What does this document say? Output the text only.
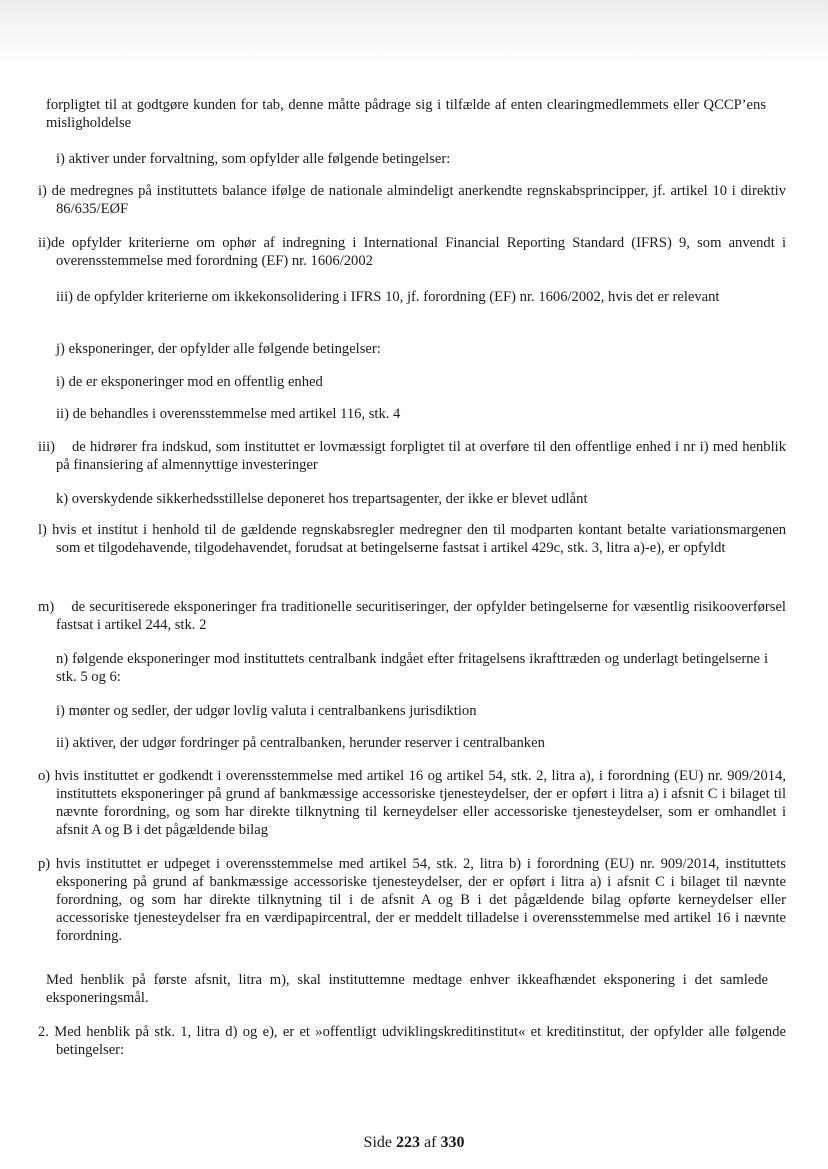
forpligtet til at godtgøre kunden for tab, denne måtte pådrage sig i tilfælde af enten clearingmedlemmets eller QCCP’ens misligholdelse

i) aktiver under forvaltning, som opfylder alle følgende betingelser:

i) de medregnes på instituttets balance ifølge de nationale almindeligt anerkendte regnskabsprincipper, jf. artikel 10 i direktiv 86/635/EØF

ii)de opfylder kriterierne om ophør af indregning i International Financial Reporting Standard (IFRS) 9, som anvendt i overensstemmelse med forordning (EF) nr. 1606/2002

iii) de opfylder kriterierne om ikkekonsolidering i IFRS 10, jf. forordning (EF) nr. 1606/2002, hvis det er relevant

j) eksponeringer, der opfylder alle følgende betingelser:

i) de er eksponeringer mod en offentlig enhed

ii) de behandles i overensstemmelse med artikel 116, stk. 4

iii)    de hidrører fra indskud, som instituttet er lovmæssigt forpligtet til at overføre til den offentlige enhed i nr i) med henblik på finansiering af almennyttige investeringer

k) overskydende sikkerhedsstillelse deponeret hos trepartsagenter, der ikke er blevet udlånt

l) hvis et institut i henhold til de gældende regnskabsregler medregner den til modparten kontant betalte variationsmargenen som et tilgodehavende, tilgodehavendet, forudsat at betingelserne fastsat i artikel 429c, stk. 3, litra a)-e), er opfyldt

m)    de securitiserede eksponeringer fra traditionelle securitiseringer, der opfylder betingelserne for væsentlig risikooverførsel fastsat i artikel 244, stk. 2

n) følgende eksponeringer mod instituttets centralbank indgået efter fritagelsens ikrafttræden og underlagt betingelserne i stk. 5 og 6:

i) mønter og sedler, der udgør lovlig valuta i centralbankens jurisdiktion

ii) aktiver, der udgør fordringer på centralbanken, herunder reserver i centralbanken

o) hvis instituttet er godkendt i overensstemmelse med artikel 16 og artikel 54, stk. 2, litra a), i forordning (EU) nr. 909/2014, instituttets eksponeringer på grund af bankmæssige accessoriske tjenesteydelser, der er opført i litra a) i afsnit C i bilaget til nævnte forordning, og som har direkte tilknytning til kerneydelser eller accessoriske tjenesteydelser, som er omhandlet i afsnit A og B i det pågældende bilag

p) hvis instituttet er udpeget i overensstemmelse med artikel 54, stk. 2, litra b) i forordning (EU) nr. 909/2014, instituttets eksponering på grund af bankmæssige accessoriske tjenesteydelser, der er opført i litra a) i afsnit C i bilaget til nævnte forordning, og som har direkte tilknytning til i de afsnit A og B i det pågældende bilag opførte kerneydelser eller accessoriske tjenesteydelser fra en værdipapircentral, der er meddelt tilladelse i overensstemmelse med artikel 16 i nævnte forordning.

Med henblik på første afsnit, litra m), skal instituttemne medtage enhver ikkeafhændet eksponering i det samlede eksponeringsmål.

2. Med henblik på stk. 1, litra d) og e), er et »offentligt udviklingskreditinstitut« et kreditinstitut, der opfylder alle følgende betingelser:

Side 223 af 330
